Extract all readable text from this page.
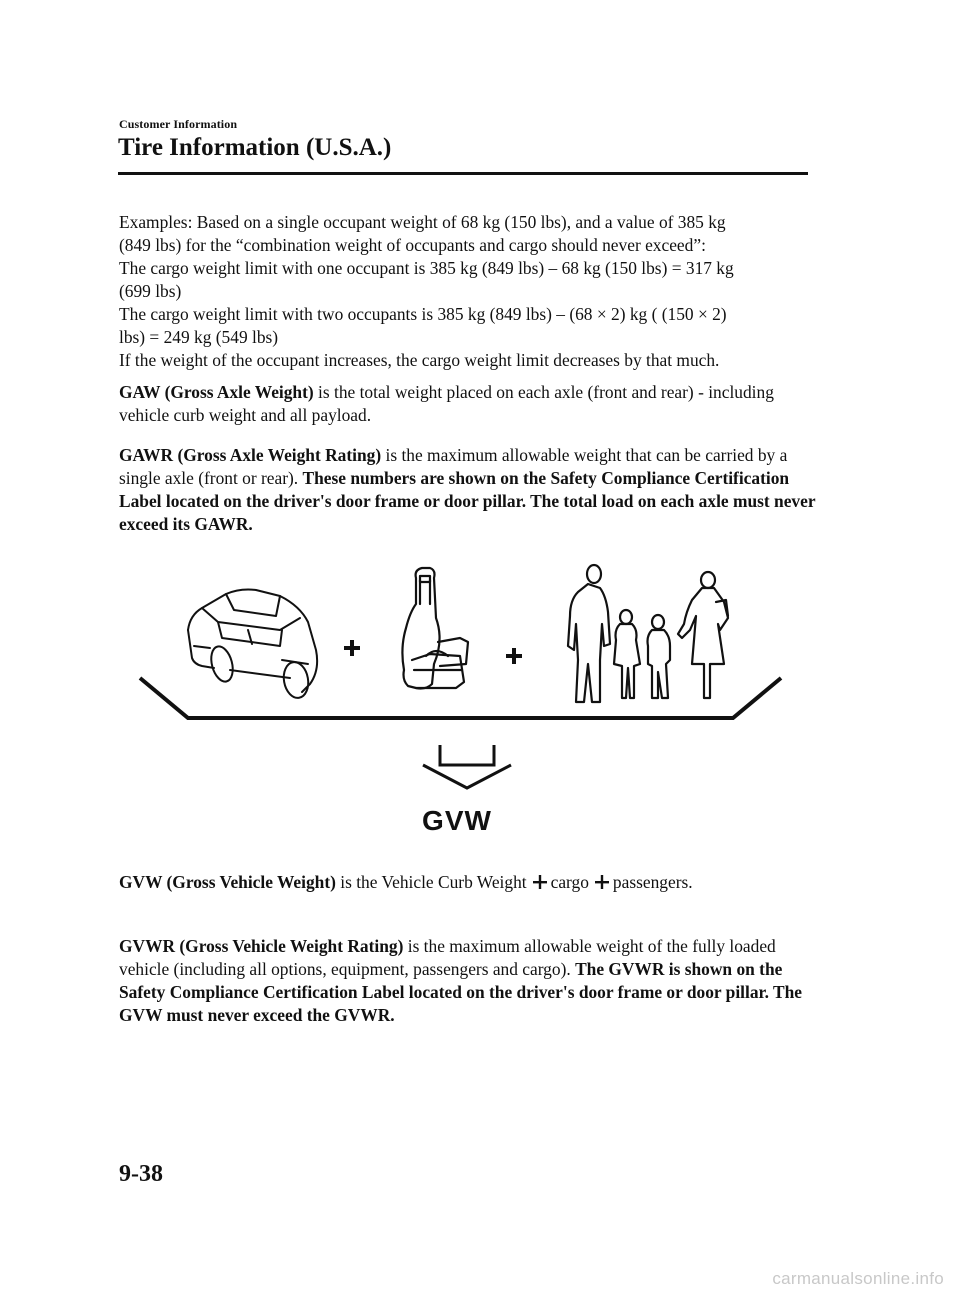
Customer Information
Tire Information (U.S.A.)

Examples: Based on a single occupant weight of 68 kg (150 lbs), and a value of 385 kg

(849 lbs) for the “combination weight of occupants and cargo should never exceed”:

The cargo weight limit with one occupant is 385 kg (849 lbs) – 68 kg (150 lbs) = 317 kg

(699 lbs)

The cargo weight limit with two occupants is 385 kg (849 lbs) – (68 × 2) kg ( (150 × 2)

lbs) = 249 kg (549 lbs)

If the weight of the occupant increases, the cargo weight limit decreases by that much.

GAW (Gross Axle Weight) is the total weight placed on each axle (front and rear) - including vehicle curb weight and all payload.

GAWR (Gross Axle Weight Rating) is the maximum allowable weight that can be carried by a single axle (front or rear). These numbers are shown on the Safety Compliance Certification Label located on the driver's door frame or door pillar. The total load on each axle must never exceed its GAWR.

GVW

GVW (Gross Vehicle Weight) is the Vehicle Curb Weight cargo passengers.

GVWR (Gross Vehicle Weight Rating) is the maximum allowable weight of the fully loaded vehicle (including all options, equipment, passengers and cargo). The GVWR is shown on the Safety Compliance Certification Label located on the driver's door frame or door pillar. The GVW must never exceed the GVWR.

9-38
carmanualsonline.info
